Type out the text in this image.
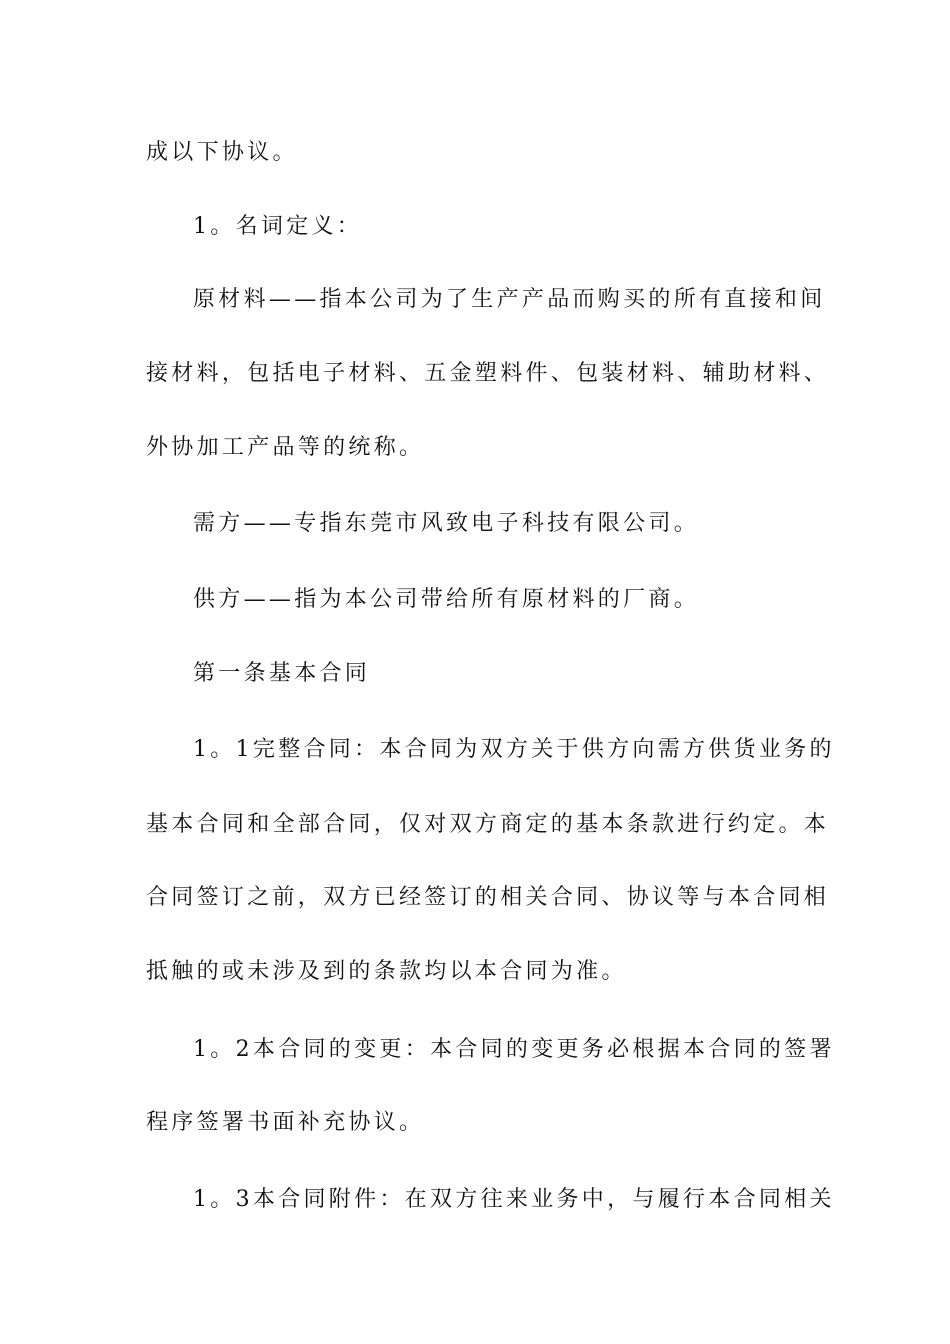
成以下协议。
1。名词定义：
原材料——指本公司为了生产产品而购买的所有直接和间
接材料，包括电子材料、五金塑料件、包装材料、辅助材料、
外协加工产品等的统称。
需方——专指东莞市风致电子科技有限公司。
供方——指为本公司带给所有原材料的厂商。
第一条基本合同
1。1完整合同：本合同为双方关于供方向需方供货业务的
基本合同和全部合同，仅对双方商定的基本条款进行约定。本
合同签订之前，双方已经签订的相关合同、协议等与本合同相
抵触的或未涉及到的条款均以本合同为准。
1。2本合同的变更：本合同的变更务必根据本合同的签署
程序签署书面补充协议。
1。3本合同附件：在双方往来业务中，与履行本合同相关
